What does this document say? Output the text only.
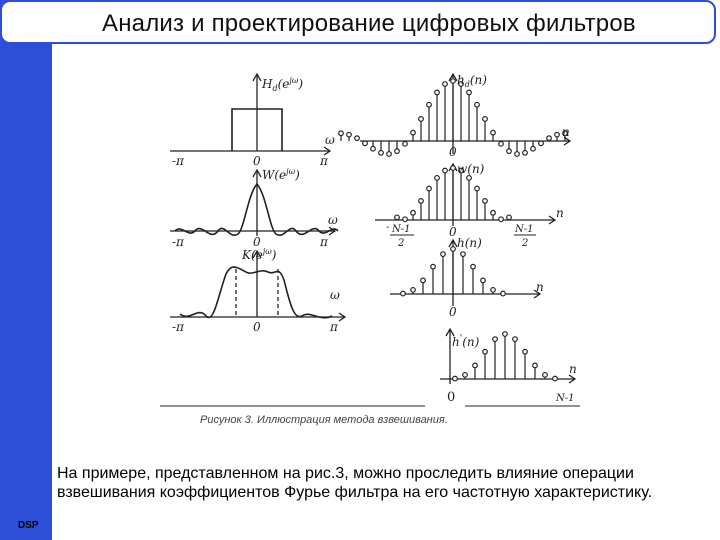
Анализ и проектирование цифровых фильтров
$H_d(e^{j\omega})$
ω
-π	0	π
$W(e^{j\omega})$
ω
-π	0	π
$K(e^{j\omega})$
ω
-π	0	π
$h_d(n)$
n
0
w(n)
n
0
- N-1
2
N-1
2
h(n)
n
0
h'(n)
n
0	N-1
Рисунок 3. Иллюстрация метода взвешивания.
На примере, представленном на рис.3, можно проследить влияние операции взвешивания коэффициентов Фурье фильтра на его частотную характеристику.
DSP
